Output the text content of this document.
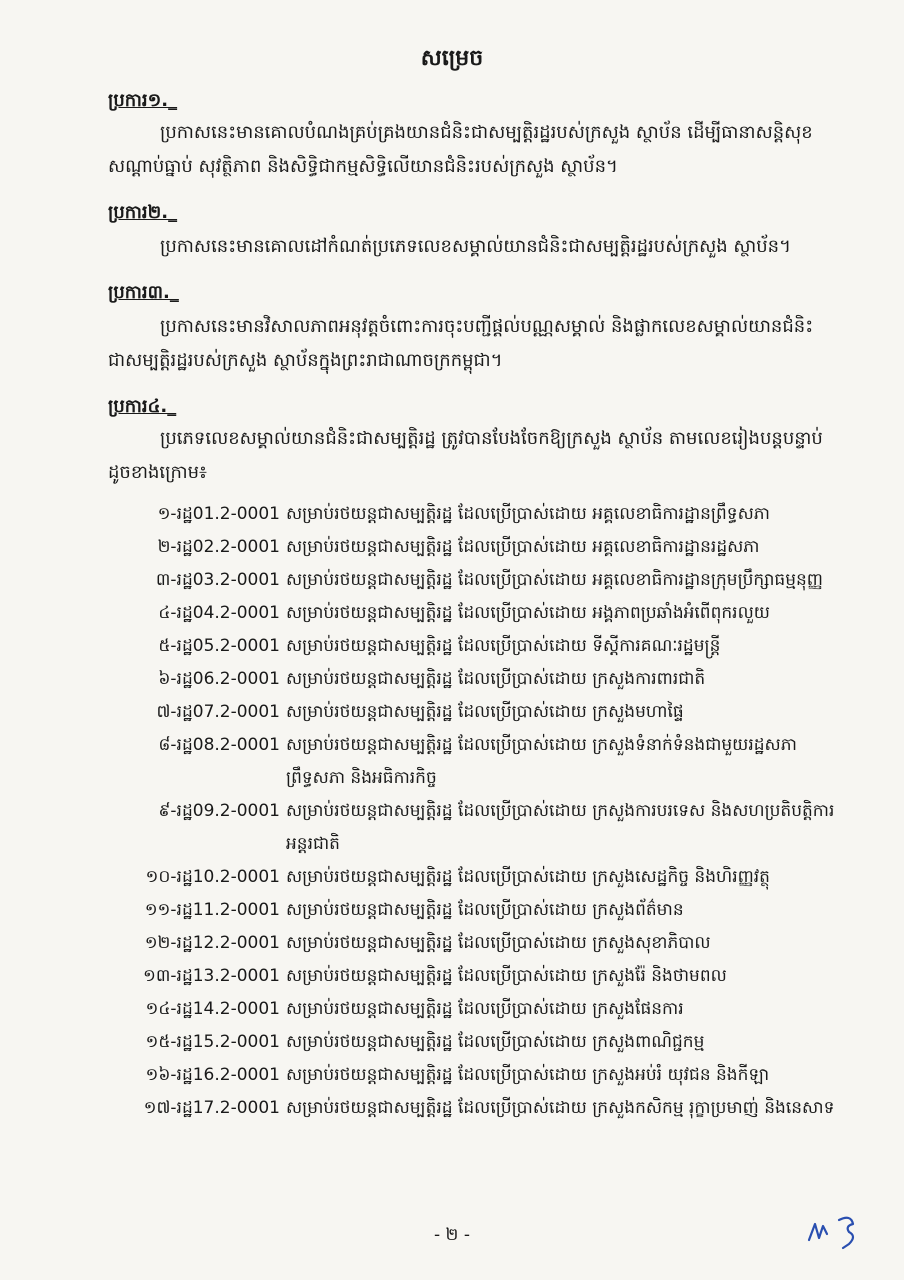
សម្រេច
ប្រការ១._
ប្រកាសនេះមានគោលបំណងគ្រប់គ្រងយានជំនិះជាសម្បត្តិរដ្ឋរបស់ក្រសួង ស្ថាប័ន ដើម្បីធានាសន្តិសុខ សណ្តាប់ធ្នាប់ សុវត្ថិភាព និងសិទ្ធិជាកម្មសិទ្ធិលើយានជំនិះរបស់ក្រសួង ស្ថាប័ន។
ប្រការ២._
ប្រកាសនេះមានគោលដៅកំណត់ប្រភេទលេខសម្គាល់យានជំនិះជាសម្បត្តិរដ្ឋរបស់ក្រសួង ស្ថាប័ន។
ប្រការ៣._
ប្រកាសនេះមានវិសាលភាពអនុវត្តចំពោះការចុះបញ្ជីផ្តល់បណ្ណសម្គាល់ និងផ្លាកលេខសម្គាល់យានជំនិះជាសម្បត្តិរដ្ឋរបស់ក្រសួង ស្ថាប័នក្នុងព្រះរាជាណាចក្រកម្ពុជា។
ប្រការ៤._
ប្រភេទលេខសម្គាល់យានជំនិះជាសម្បត្តិរដ្ឋ ត្រូវបានបែងចែកឱ្យក្រសួង ស្ថាប័ន តាមលេខរៀងបន្តបន្ទាប់ដូចខាងក្រោម៖
១-រដ្ឋ01.2-0001 សម្រាប់រថយន្តជាសម្បត្តិរដ្ឋ ដែលប្រើប្រាស់ដោយ អគ្គលេខាធិការដ្ឋានព្រឹទ្ធសភា
២-រដ្ឋ02.2-0001 សម្រាប់រថយន្តជាសម្បត្តិរដ្ឋ ដែលប្រើប្រាស់ដោយ អគ្គលេខាធិការដ្ឋានរដ្ឋសភា
៣-រដ្ឋ03.2-0001 សម្រាប់រថយន្តជាសម្បត្តិរដ្ឋ ដែលប្រើប្រាស់ដោយ អគ្គលេខាធិការដ្ឋានក្រុមប្រឹក្សាធម្មនុញ្ញ
៤-រដ្ឋ04.2-0001 សម្រាប់រថយន្តជាសម្បត្តិរដ្ឋ ដែលប្រើប្រាស់ដោយ អង្គភាពប្រឆាំងអំពើពុករលួយ
៥-រដ្ឋ05.2-0001 សម្រាប់រថយន្តជាសម្បត្តិរដ្ឋ ដែលប្រើប្រាស់ដោយ ទីស្តីការគណៈរដ្ឋមន្ត្រី
៦-រដ្ឋ06.2-0001 សម្រាប់រថយន្តជាសម្បត្តិរដ្ឋ ដែលប្រើប្រាស់ដោយ ក្រសួងការពារជាតិ
៧-រដ្ឋ07.2-0001 សម្រាប់រថយន្តជាសម្បត្តិរដ្ឋ ដែលប្រើប្រាស់ដោយ ក្រសួងមហាផ្ទៃ
៨-រដ្ឋ08.2-0001 សម្រាប់រថយន្តជាសម្បត្តិរដ្ឋ ដែលប្រើប្រាស់ដោយ ក្រសួងទំនាក់ទំនងជាមួយរដ្ឋសភា ព្រឹទ្ធសភា និងអធិការកិច្ច
៩-រដ្ឋ09.2-0001 សម្រាប់រថយន្តជាសម្បត្តិរដ្ឋ ដែលប្រើប្រាស់ដោយ ក្រសួងការបរទេស និងសហប្រតិបត្តិការអន្តរជាតិ
១០-រដ្ឋ10.2-0001 សម្រាប់រថយន្តជាសម្បត្តិរដ្ឋ ដែលប្រើប្រាស់ដោយ ក្រសួងសេដ្ឋកិច្ច និងហិរញ្ញវត្ថុ
១១-រដ្ឋ11.2-0001 សម្រាប់រថយន្តជាសម្បត្តិរដ្ឋ ដែលប្រើប្រាស់ដោយ ក្រសួងព័ត៌មាន
១២-រដ្ឋ12.2-0001 សម្រាប់រថយន្តជាសម្បត្តិរដ្ឋ ដែលប្រើប្រាស់ដោយ ក្រសួងសុខាភិបាល
១៣-រដ្ឋ13.2-0001 សម្រាប់រថយន្តជាសម្បត្តិរដ្ឋ ដែលប្រើប្រាស់ដោយ ក្រសួងរ៉ែ និងថាមពល
១៤-រដ្ឋ14.2-0001 សម្រាប់រថយន្តជាសម្បត្តិរដ្ឋ ដែលប្រើប្រាស់ដោយ ក្រសួងផែនការ
១៥-រដ្ឋ15.2-0001 សម្រាប់រថយន្តជាសម្បត្តិរដ្ឋ ដែលប្រើប្រាស់ដោយ ក្រសួងពាណិជ្ជកម្ម
១៦-រដ្ឋ16.2-0001 សម្រាប់រថយន្តជាសម្បត្តិរដ្ឋ ដែលប្រើប្រាស់ដោយ ក្រសួងអប់រំ យុវជន និងកីឡា
១៧-រដ្ឋ17.2-0001 សម្រាប់រថយន្តជាសម្បត្តិរដ្ឋ ដែលប្រើប្រាស់ដោយ ក្រសួងកសិកម្ម រុក្ខាប្រមាញ់ និងនេសាទ
- ២ -
